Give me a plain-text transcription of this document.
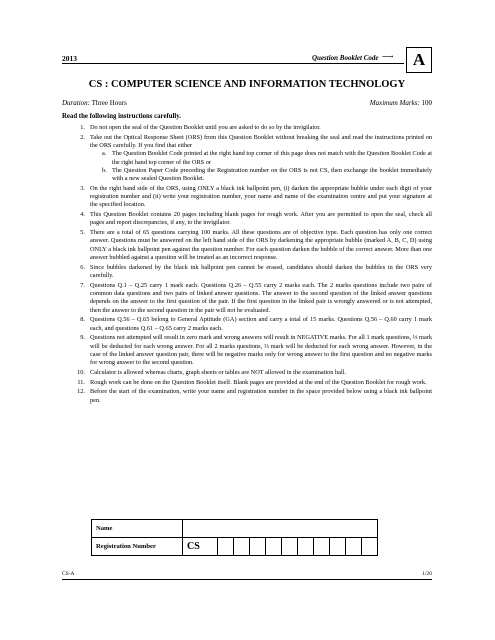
2013	Question Booklet Code ⟶	A
CS : COMPUTER SCIENCE AND INFORMATION TECHNOLOGY
Duration: Three Hours	Maximum Marks: 100
Read the following instructions carefully.
1. Do not open the seal of the Question Booklet until you are asked to do so by the invigilator.
2. Take out the Optical Response Sheet (ORS) from this Question Booklet without breaking the seal and read the instructions printed on the ORS carefully. If you find that either
a. The Question Booklet Code printed at the right hand top corner of this page does not match with the Question Booklet Code at the right hand top corner of the ORS or
b. The Question Paper Code preceding the Registration number on the ORS is not CS, then exchange the booklet immediately with a new sealed Question Booklet.
3. On the right hand side of the ORS, using ONLY a black ink ballpoint pen, (i) darken the appropriate bubble under each digit of your registration number and (ii) write your registration number, your name and name of the examination centre and put your signature at the specified location.
4. This Question Booklet contains 20 pages including blank pages for rough work. After you are permitted to open the seal, check all pages and report discrepancies, if any, to the invigilator.
5. There are a total of 65 questions carrying 100 marks. All these questions are of objective type. Each question has only one correct answer. Questions must be answered on the left hand side of the ORS by darkening the appropriate bubble (marked A, B, C, D) using ONLY a black ink ballpoint pen against the question number. For each question darken the bubble of the correct answer. More than one answer bubbled against a question will be treated as an incorrect response.
6. Since bubbles darkened by the black ink ballpoint pen cannot be erased, candidates should darken the bubbles in the ORS very carefully.
7. Questions Q.1 – Q.25 carry 1 mark each. Questions Q.26 – Q.55 carry 2 marks each. The 2 marks questions include two pairs of common data questions and two pairs of linked answer questions. The answer to the second question of the linked answer questions depends on the answer to the first question of the pair. If the first question in the linked pair is wrongly answered or is not attempted, then the answer to the second question in the pair will not be evaluated.
8. Questions Q.56 – Q.65 belong to General Aptitude (GA) section and carry a total of 15 marks. Questions Q.56 – Q.60 carry 1 mark each, and questions Q.61 – Q.65 carry 2 marks each.
9. Questions not attempted will result in zero mark and wrong answers will result in NEGATIVE marks. For all 1 mark questions, ⅓ mark will be deducted for each wrong answer. For all 2 marks questions, ⅔ mark will be deducted for each wrong answer. However, in the case of the linked answer question pair, there will be negative marks only for wrong answer to the first question and no negative marks for wrong answer to the second question.
10. Calculator is allowed whereas charts, graph sheets or tables are NOT allowed in the examination hall.
11. Rough work can be done on the Question Booklet itself. Blank pages are provided at the end of the Question Booklet for rough work.
12. Before the start of the examination, write your name and registration number in the space provided below using a black ink ballpoint pen.
Name											
Registration Number	CS										
CS-A	1/20
